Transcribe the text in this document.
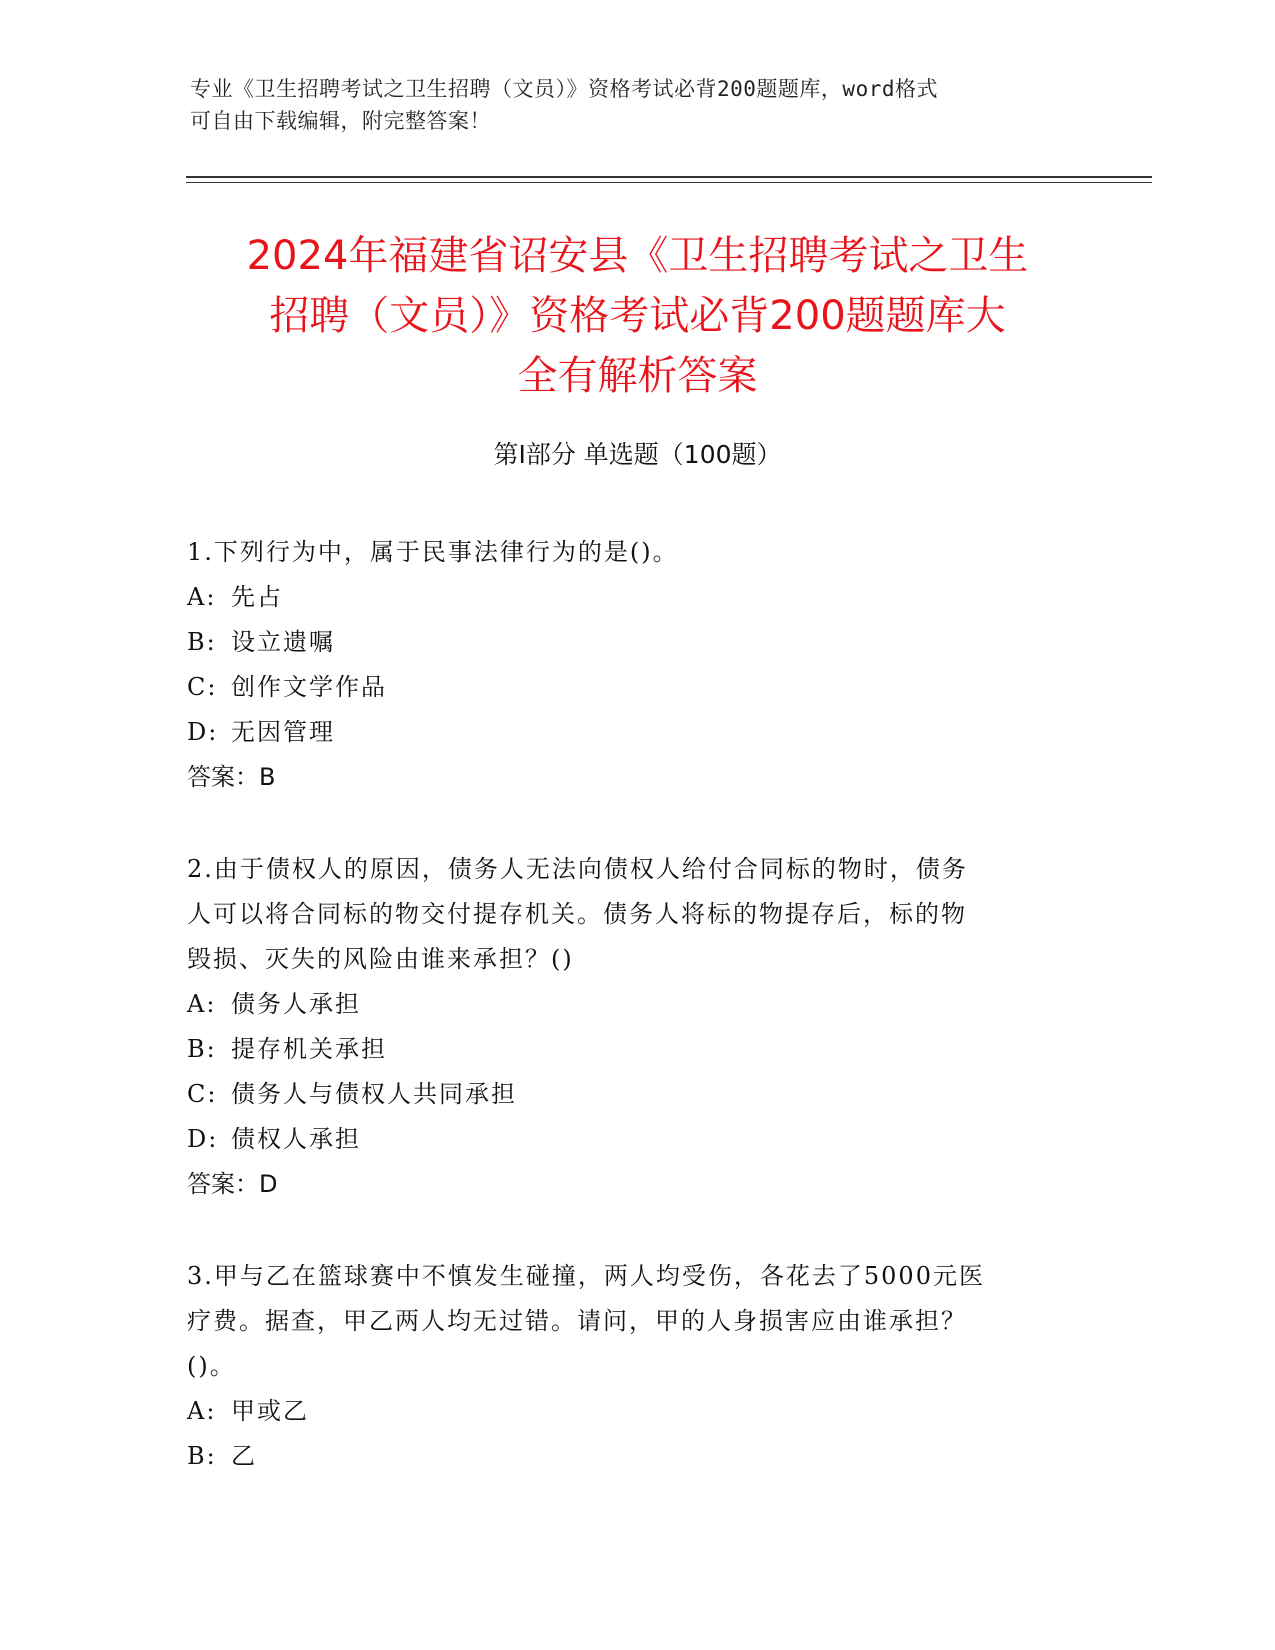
专业《卫生招聘考试之卫生招聘（文员）》资格考试必背200题题库，word格式
可自由下载编辑，附完整答案！
2024年福建省诏安县《卫生招聘考试之卫生
招聘（文员）》资格考试必背200题题库大
全有解析答案
第Ⅰ部分 单选题（100题）
1.下列行为中，属于民事法律行为的是()。
A: 先占
B: 设立遗嘱
C: 创作文学作品
D: 无因管理
答案：B
2.由于债权人的原因，债务人无法向债权人给付合同标的物时，债务
人可以将合同标的物交付提存机关。债务人将标的物提存后，标的物
毁损、灭失的风险由谁来承担？()
A: 债务人承担
B: 提存机关承担
C: 债务人与债权人共同承担
D: 债权人承担
答案：D
3.甲与乙在篮球赛中不慎发生碰撞，两人均受伤，各花去了5000元医
疗费。据查，甲乙两人均无过错。请问，甲的人身损害应由谁承担？
()。
A: 甲或乙
B: 乙
